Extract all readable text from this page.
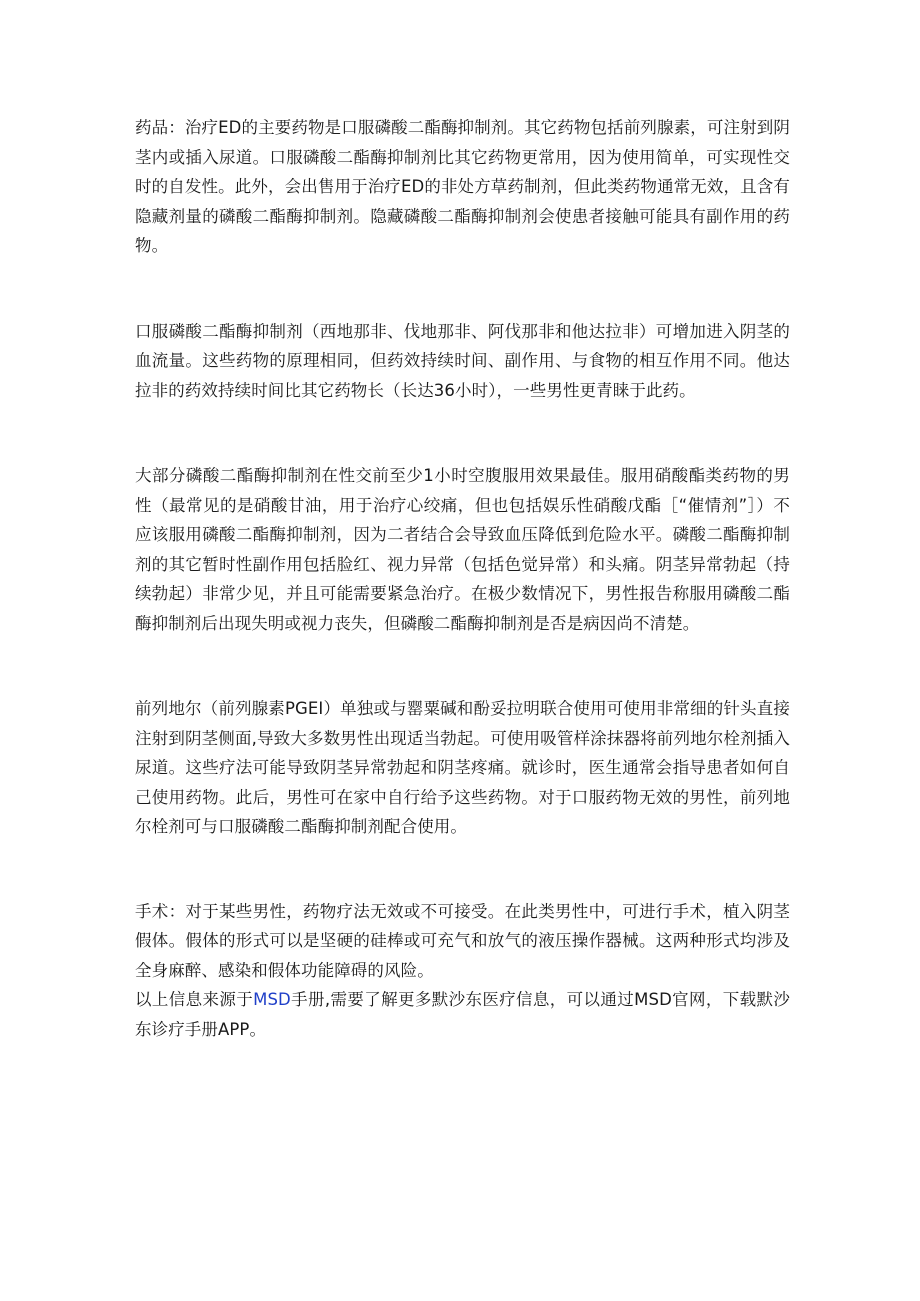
药品：治疗ED的主要药物是口服磷酸二酯酶抑制剂。其它药物包括前列腺素，可注射到阴茎内或插入尿道。口服磷酸二酯酶抑制剂比其它药物更常用，因为使用简单，可实现性交时的自发性。此外，会出售用于治疗ED的非处方草药制剂，但此类药物通常无效，且含有隐藏剂量的磷酸二酯酶抑制剂。隐藏磷酸二酯酶抑制剂会使患者接触可能具有副作用的药物。

口服磷酸二酯酶抑制剂（西地那非、伐地那非、阿伐那非和他达拉非）可增加进入阴茎的血流量。这些药物的原理相同，但药效持续时间、副作用、与食物的相互作用不同。他达拉非的药效持续时间比其它药物长（长达36小时），一些男性更青睐于此药。

大部分磷酸二酯酶抑制剂在性交前至少1小时空腹服用效果最佳。服用硝酸酯类药物的男性（最常见的是硝酸甘油，用于治疗心绞痛，但也包括娱乐性硝酸戊酯［“催情剂”］）不应该服用磷酸二酯酶抑制剂，因为二者结合会导致血压降低到危险水平。磷酸二酯酶抑制剂的其它暂时性副作用包括脸红、视力异常（包括色觉异常）和头痛。阴茎异常勃起（持续勃起）非常少见，并且可能需要紧急治疗。在极少数情况下，男性报告称服用磷酸二酯酶抑制剂后出现失明或视力丧失，但磷酸二酯酶抑制剂是否是病因尚不清楚。

前列地尔（前列腺素PGEI）单独或与罂粟碱和酚妥拉明联合使用可使用非常细的针头直接注射到阴茎侧面,导致大多数男性出现适当勃起。可使用吸管样涂抹器将前列地尔栓剂插入尿道。这些疗法可能导致阴茎异常勃起和阴茎疼痛。就诊时，医生通常会指导患者如何自己使用药物。此后，男性可在家中自行给予这些药物。对于口服药物无效的男性，前列地尔栓剂可与口服磷酸二酯酶抑制剂配合使用。

手术：对于某些男性，药物疗法无效或不可接受。在此类男性中，可进行手术，植入阴茎假体。假体的形式可以是坚硬的硅棒或可充气和放气的液压操作器械。这两种形式均涉及全身麻醉、感染和假体功能障碍的风险。

以上信息来源于MSD手册,需要了解更多默沙东医疗信息，可以通过MSD官网，下载默沙东诊疗手册APP。
